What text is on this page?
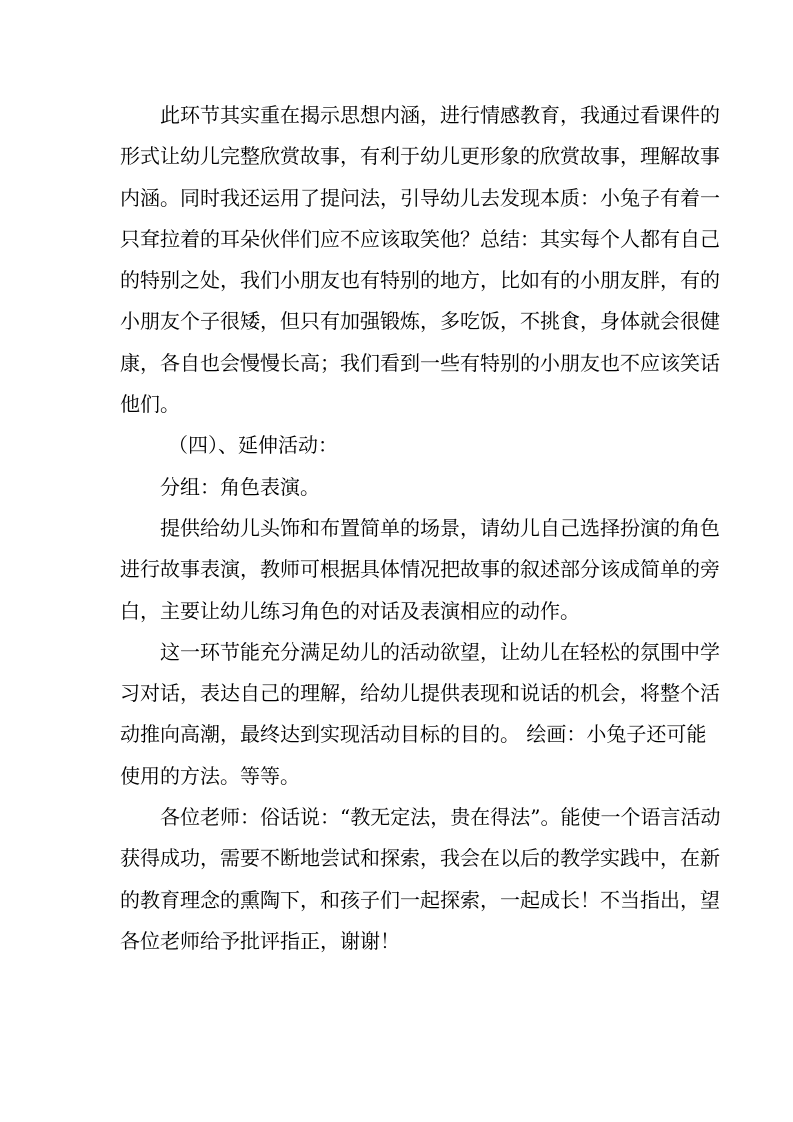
此环节其实重在揭示思想内涵，进行情感教育，我通过看课件的
形式让幼儿完整欣赏故事，有利于幼儿更形象的欣赏故事，理解故事
内涵。同时我还运用了提问法，引导幼儿去发现本质：小兔子有着一
只耷拉着的耳朵伙伴们应不应该取笑他？总结：其实每个人都有自己
的特别之处，我们小朋友也有特别的地方，比如有的小朋友胖，有的
小朋友个子很矮，但只有加强锻炼，多吃饭，不挑食，身体就会很健
康，各自也会慢慢长高；我们看到一些有特别的小朋友也不应该笑话
他们。
（四）、延伸活动：
分组：角色表演。
提供给幼儿头饰和布置简单的场景，请幼儿自己选择扮演的角色
进行故事表演，教师可根据具体情况把故事的叙述部分该成简单的旁
白，主要让幼儿练习角色的对话及表演相应的动作。
这一环节能充分满足幼儿的活动欲望，让幼儿在轻松的氛围中学
习对话，表达自己的理解，给幼儿提供表现和说话的机会，将整个活
动推向高潮，最终达到实现活动目标的目的。 绘画：小兔子还可能
使用的方法。等等。
各位老师：俗话说：“教无定法，贵在得法”。能使一个语言活动
获得成功，需要不断地尝试和探索，我会在以后的教学实践中，在新
的教育理念的熏陶下，和孩子们一起探索，一起成长！不当指出，望
各位老师给予批评指正，谢谢！
